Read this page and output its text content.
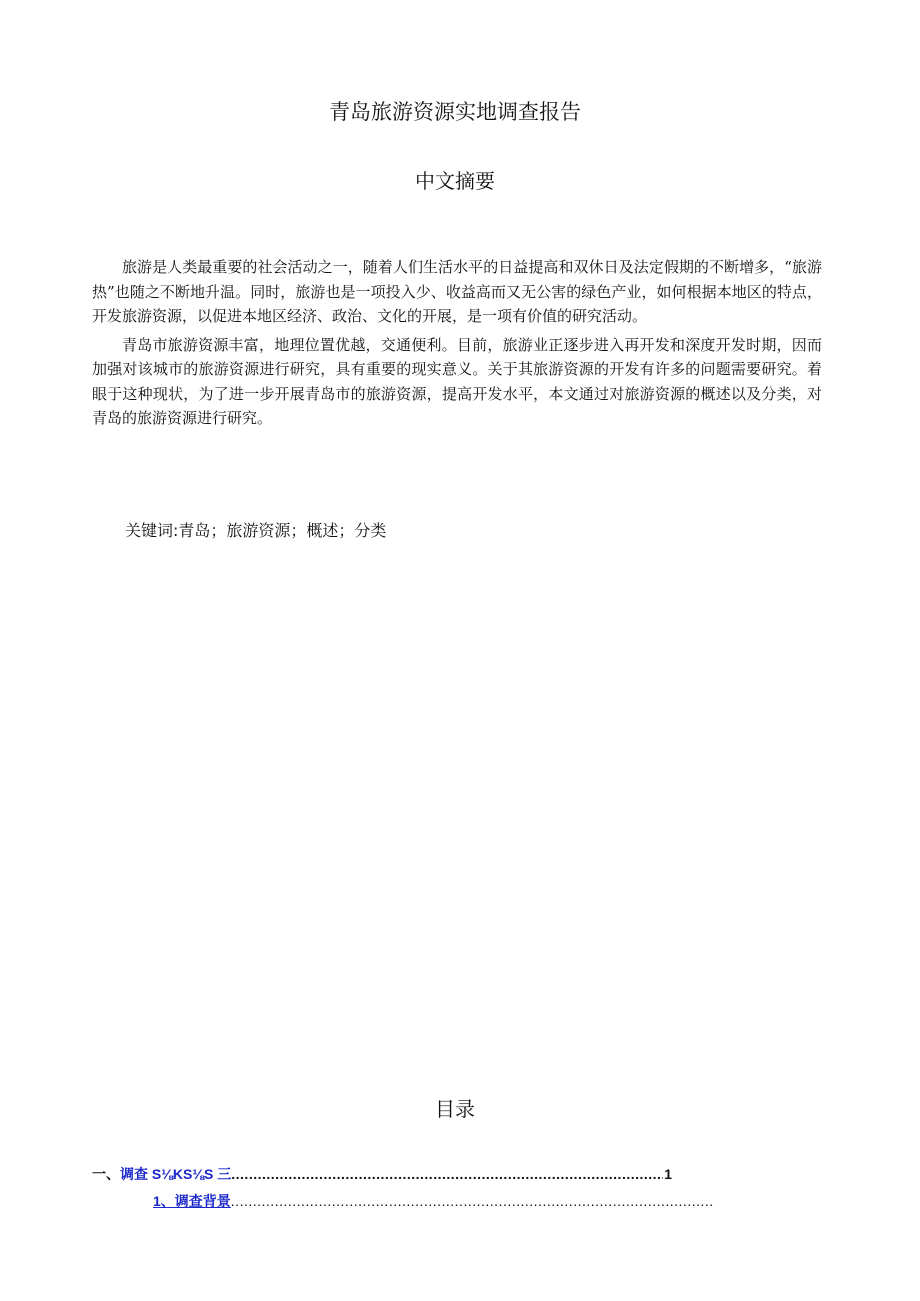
青岛旅游资源实地调查报告
中文摘要

旅游是人类最重要的社会活动之一，随着人们生活水平的日益提高和双休日及法定假期的不断增多，“旅游热”也随之不断地升温。同时，旅游也是一项投入少、收益高而又无公害的绿色产业，如何根据本地区的特点，开发旅游资源，以促进本地区经济、政治、文化的开展，是一项有价值的研究活动。

青岛市旅游资源丰富，地理位置优越，交通便利。目前，旅游业正逐步进入再开发和深度开发时期，因而加强对该城市的旅游资源进行研究，具有重要的现实意义。关于其旅游资源的开发有许多的问题需要研究。着眼于这种现状，为了进一步开展青岛市的旅游资源，提高开发水平，本文通过对旅游资源的概述以及分类，对青岛的旅游资源进行研究。

关键词:青岛；旅游资源；概述；分类
目录
一、 调查 S⅛KS⅛S 三
.....	1
1、调查背景
.....
